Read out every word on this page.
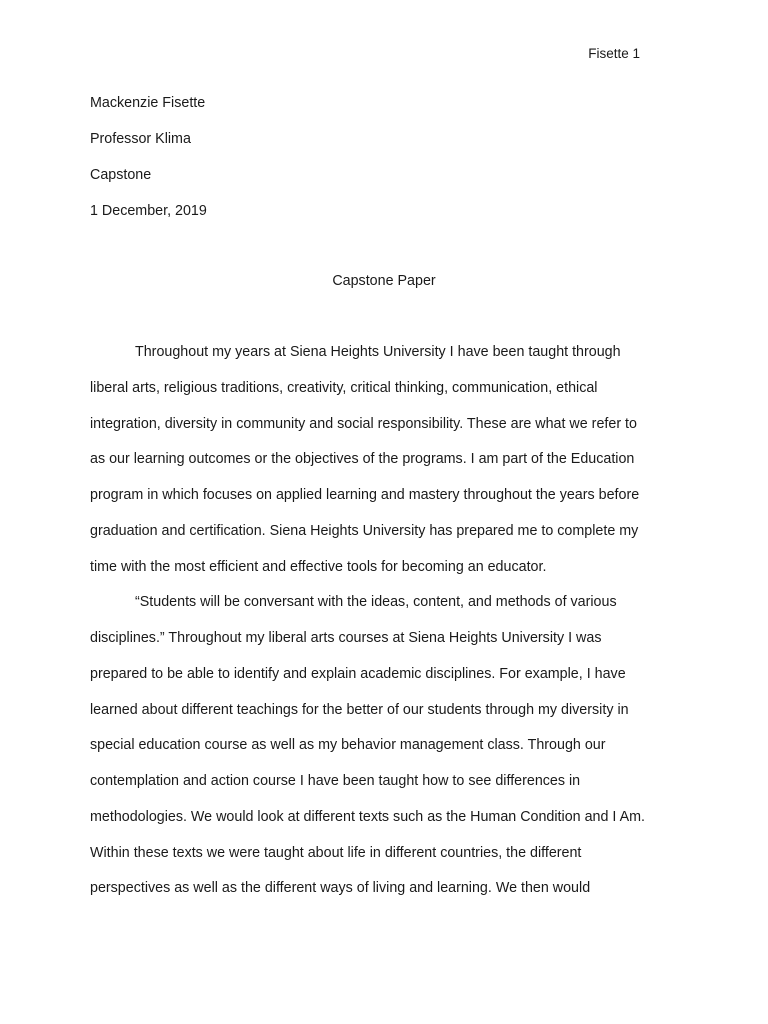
Fisette 1
Mackenzie Fisette
Professor Klima
Capstone
1 December, 2019
Capstone Paper
Throughout my years at Siena Heights University I have been taught through
liberal arts, religious traditions, creativity, critical thinking, communication, ethical
integration, diversity in community and social responsibility. These are what we refer to
as our learning outcomes or the objectives of the programs. I am part of the Education
program in which focuses on applied learning and mastery throughout the years before
graduation and certification. Siena Heights University has prepared me to complete my
time with the most efficient and effective tools for becoming an educator.
“Students will be conversant with the ideas, content, and methods of various
disciplines.” Throughout my liberal arts courses at Siena Heights University I was
prepared to be able to identify and explain academic disciplines. For example, I have
learned about different teachings for the better of our students through my diversity in
special education course as well as my behavior management class. Through our
contemplation and action course I have been taught how to see differences in
methodologies. We would look at different texts such as the Human Condition and I Am.
Within these texts we were taught about life in different countries, the different
perspectives as well as the different ways of living and learning. We then would
